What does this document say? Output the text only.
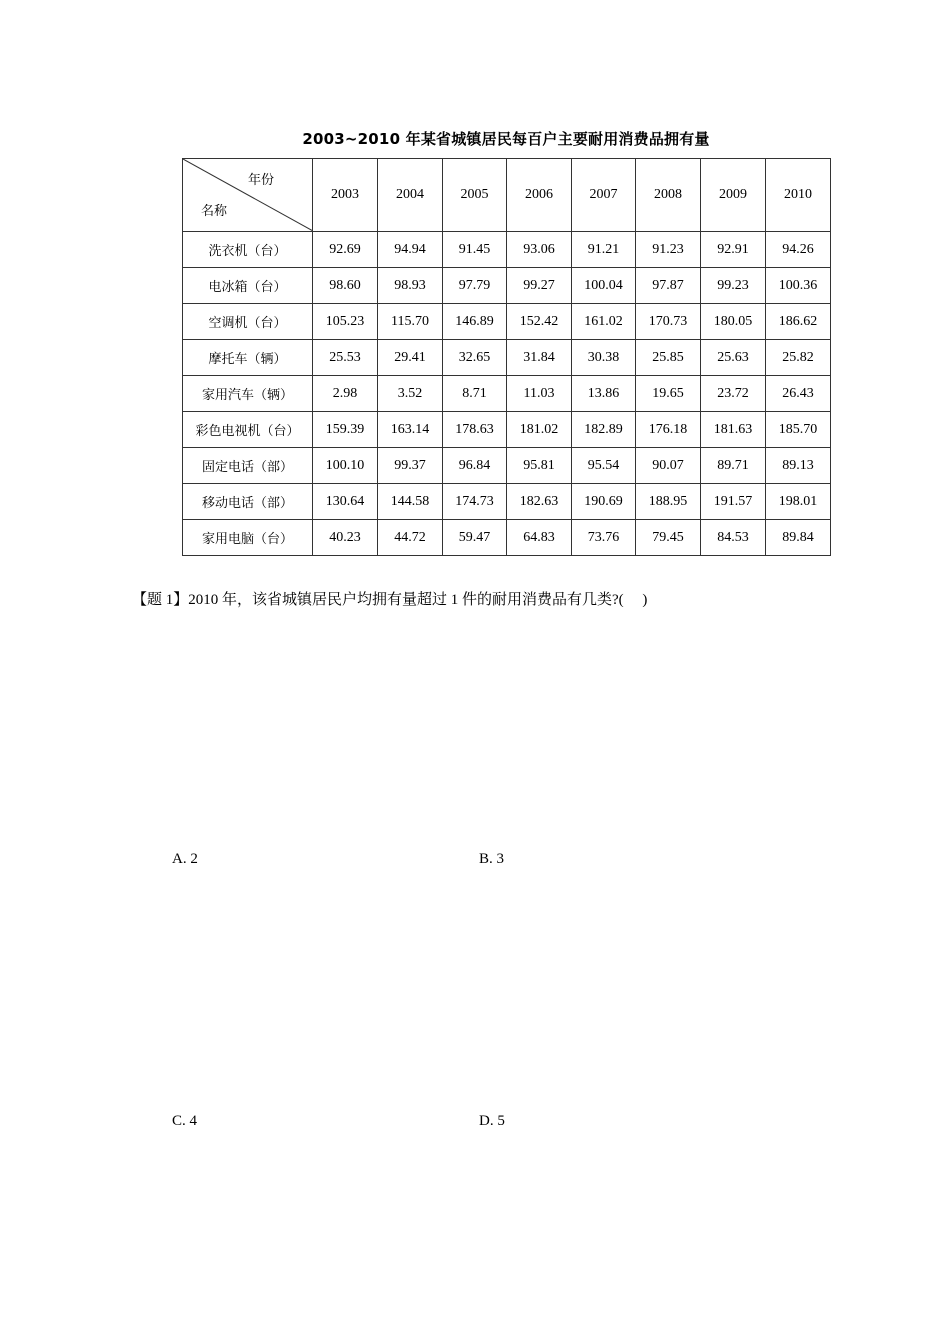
2003~2010 年某省城镇居民每百户主要耐用消费品拥有量
年份
名称	2003	2004	2005	2006	2007	2008	2009	2010
洗衣机（台）	92.69	94.94	91.45	93.06	91.21	91.23	92.91	94.26
电冰箱（台）	98.60	98.93	97.79	99.27	100.04	97.87	99.23	100.36
空调机（台）	105.23	115.70	146.89	152.42	161.02	170.73	180.05	186.62
摩托车（辆）	25.53	29.41	32.65	31.84	30.38	25.85	25.63	25.82
家用汽车（辆）	2.98	3.52	8.71	11.03	13.86	19.65	23.72	26.43
彩色电视机（台）	159.39	163.14	178.63	181.02	182.89	176.18	181.63	185.70
固定电话（部）	100.10	99.37	96.84	95.81	95.54	90.07	89.71	89.13
移动电话（部）	130.64	144.58	174.73	182.63	190.69	188.95	191.57	198.01
家用电脑（台）	40.23	44.72	59.47	64.83	73.76	79.45	84.53	89.84
【题 1】2010 年，该省城镇居民户均拥有量超过 1 件的耐用消费品有几类?(　 )
A. 2	B. 3
C. 4	D. 5
